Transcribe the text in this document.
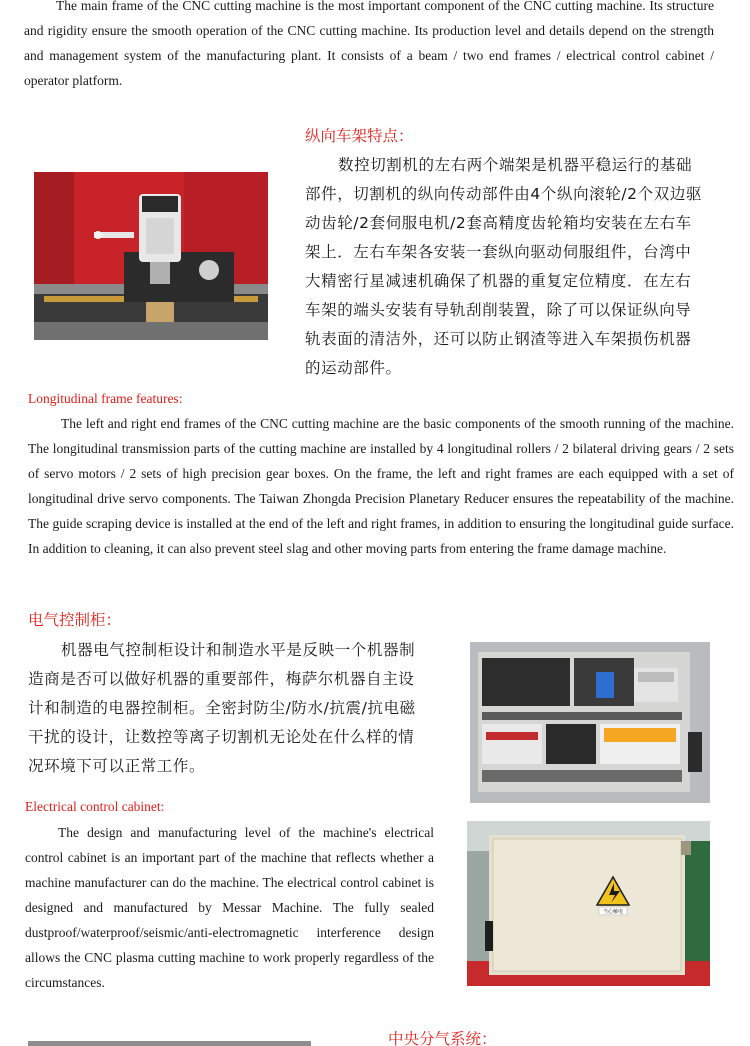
The main frame of the CNC cutting machine is the most important component of the CNC cutting machine. Its structure and rigidity ensure the smooth operation of the CNC cutting machine. Its production level and details depend on the strength and management system of the manufacturing plant. It consists of a beam / two end frames / electrical control cabinet / operator platform.

纵向车架特点：

数控切割机的左右两个端架是机器平稳运行的基础部件，切割机的纵向传动部件由4个纵向滚轮/2个双边驱动齿轮/2套伺服电机/2套高精度齿轮箱均安装在左右车架上．左右车架各安装一套纵向驱动伺服组件，台湾中大精密行星减速机确保了机器的重复定位精度．在左右车架的端头安装有导轨刮削装置，除了可以保证纵向导轨表面的清洁外，还可以防止钢渣等进入车架损伤机器的运动部件。

Longitudinal frame features:

The left and right end frames of the CNC cutting machine are the basic components of the smooth running of the machine. The longitudinal transmission parts of the cutting machine are installed by 4 longitudinal rollers / 2 bilateral driving gears / 2 sets of servo motors / 2 sets of high precision gear boxes. On the frame, the left and right frames are each equipped with a set of longitudinal drive servo components. The Taiwan Zhongda Precision Planetary Reducer ensures the repeatability of the machine. The guide scraping device is installed at the end of the left and right frames, in addition to ensuring the longitudinal guide surface. In addition to cleaning, it can also prevent steel slag and other moving parts from entering the frame damage machine.

电气控制柜：

机器电气控制柜设计和制造水平是反映一个机器制造商是否可以做好机器的重要部件，梅萨尔机器自主设计和制造的电器控制柜。全密封防尘/防水/抗震/抗电磁干扰的设计，让数控等离子切割机无论处在什么样的情况环境下可以正常工作。

Electrical control cabinet:

The design and manufacturing level of the machine's electrical control cabinet is an important part of the machine that reflects whether a machine manufacturer can do the machine. The electrical control cabinet is designed and manufactured by Messar Machine. The fully sealed dustproof/waterproof/seismic/anti-electromagnetic interference design allows the CNC plasma cutting machine to work properly regardless of the circumstances.

当心触电
中央分气系统：
